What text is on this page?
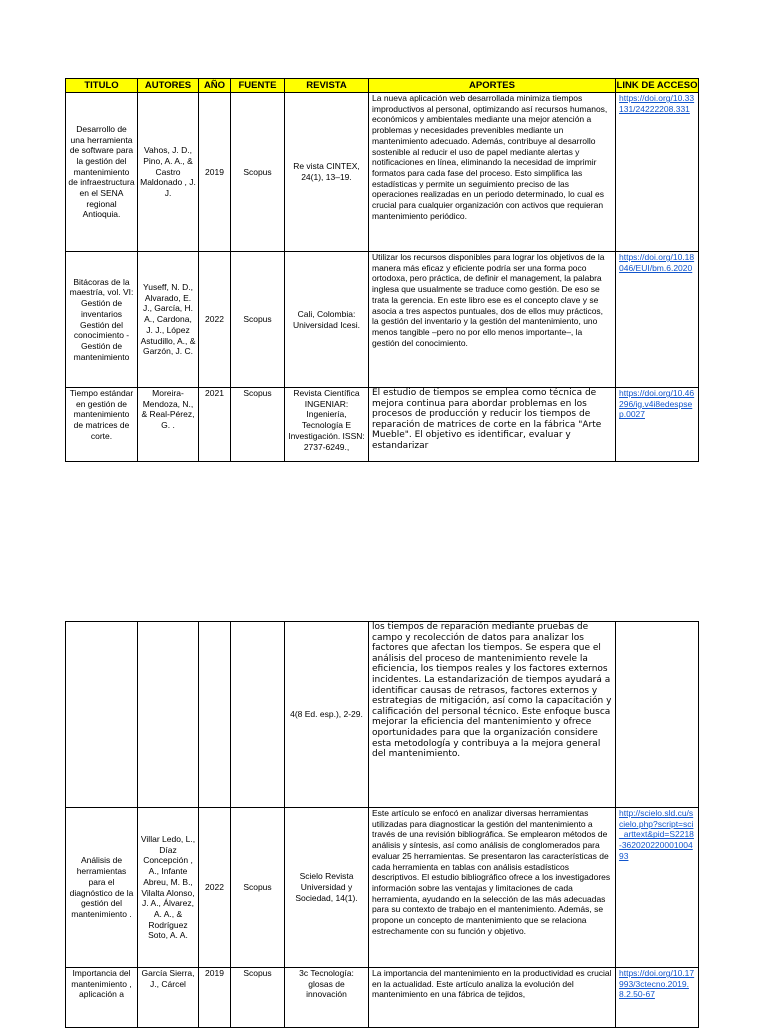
TITULO	AUTORES	AÑO	FUENTE	REVISTA	APORTES	LINK DE ACCESO
Desarrollo de una herramienta de software para la gestión del mantenimiento de infraestructura en el SENA regional Antioquia.	Vahos, J. D., Pino, A. A., & Castro Maldonado , J. J.	2019	Scopus	Re vista CINTEX, 24(1), 13–19.	La nueva aplicación web desarrollada minimiza tiempos improductivos al personal, optimizando así recursos humanos, económicos y ambientales mediante una mejor atención a problemas y necesidades prevenibles mediante un mantenimiento adecuado. Además, contribuye al desarrollo sostenible al reducir el uso de papel mediante alertas y notificaciones en línea, eliminando la necesidad de imprimir formatos para cada fase del proceso. Esto simplifica las estadísticas y permite un seguimiento preciso de las operaciones realizadas en un periodo determinado, lo cual es crucial para cualquier organización con activos que requieran mantenimiento periódico.	https://doi.org/10.33131/24222208.331
Bitácoras de la maestría, vol. VI: Gestión de inventarios Gestión del conocimiento - Gestión de mantenimiento	Yuseff, N. D., Alvarado, E. J., García, H. A., Cardona, J. J., López Astudillo, A., & Garzón, J. C.	2022	Scopus	Cali, Colombia: Universidad Icesi.	Utilizar los recursos disponibles para lograr los objetivos de la manera más eficaz y eficiente podría ser una forma poco ortodoxa, pero práctica, de definir el management, la palabra inglesa que usualmente se traduce como gestión. De eso se trata la gerencia. En este libro ese es el concepto clave y se asocia a tres aspectos puntuales, dos de ellos muy prácticos, la gestión del inventario y la gestión del mantenimiento, uno menos tangible –pero no por ello menos importante–, la gestión del conocimiento.	https://doi.org/10.18046/EUI/bm.6.2020
Tiempo estándar en gestión de mantenimiento de matrices de corte.	Moreira-Mendoza, N., & Real-Pérez, G. .	2021	Scopus	Revista Científica INGENIAR: Ingeniería, Tecnología E Investigación. ISSN: 2737-6249.,	El estudio de tiempos se emplea como técnica de mejora continua para abordar problemas en los procesos de producción y reducir los tiempos de reparación de matrices de corte en la fábrica "Arte Mueble". El objetivo es identificar, evaluar y estandarizar	https://doi.org/10.46296/ig.v4i8edespsep.0027
				4(8 Ed. esp.), 2-29.	los tiempos de reparación mediante pruebas de campo y recolección de datos para analizar los factores que afectan los tiempos. Se espera que el análisis del proceso de mantenimiento revele la eficiencia, los tiempos reales y los factores externos incidentes. La estandarización de tiempos ayudará a identificar causas de retrasos, factores externos y estrategias de mitigación, así como la capacitación y calificación del personal técnico. Este enfoque busca mejorar la eficiencia del mantenimiento y ofrece oportunidades para que la organización considere esta metodología y contribuya a la mejora general del mantenimiento.	
Análisis de herramientas para el diagnóstico de la gestión del mantenimiento .	Villar Ledo, L., Díaz Concepción , A., Infante Abreu, M. B., Vilalta Alonso, J. A., Álvarez, A. A., & Rodríguez Soto, A. A.	2022	Scopus	Scielo Revista Universidad y Sociedad, 14(1).	Este artículo se enfocó en analizar diversas herramientas utilizadas para diagnosticar la gestión del mantenimiento a través de una revisión bibliográfica. Se emplearon métodos de análisis y síntesis, así como análisis de conglomerados para evaluar 25 herramientas. Se presentaron las características de cada herramienta en tablas con análisis estadísticos descriptivos. El estudio bibliográfico ofrece a los investigadores información sobre las ventajas y limitaciones de cada herramienta, ayudando en la selección de las más adecuadas para su contexto de trabajo en el mantenimiento. Además, se propone un concepto de mantenimiento que se relaciona estrechamente con su función y objetivo.	http://scielo.sld.cu/scielo.php?script=sci_arttext&pid=S2218-36202022000100493
Importancia del mantenimiento , aplicación a	García Sierra, J., Cárcel	2019	Scopus	3c Tecnología: glosas de innovación	La importancia del mantenimiento en la productividad es crucial en la actualidad. Este artículo analiza la evolución del mantenimiento en una fábrica de tejidos,	https://doi.org/10.17993/3ctecno.2019.8.2.50-67
